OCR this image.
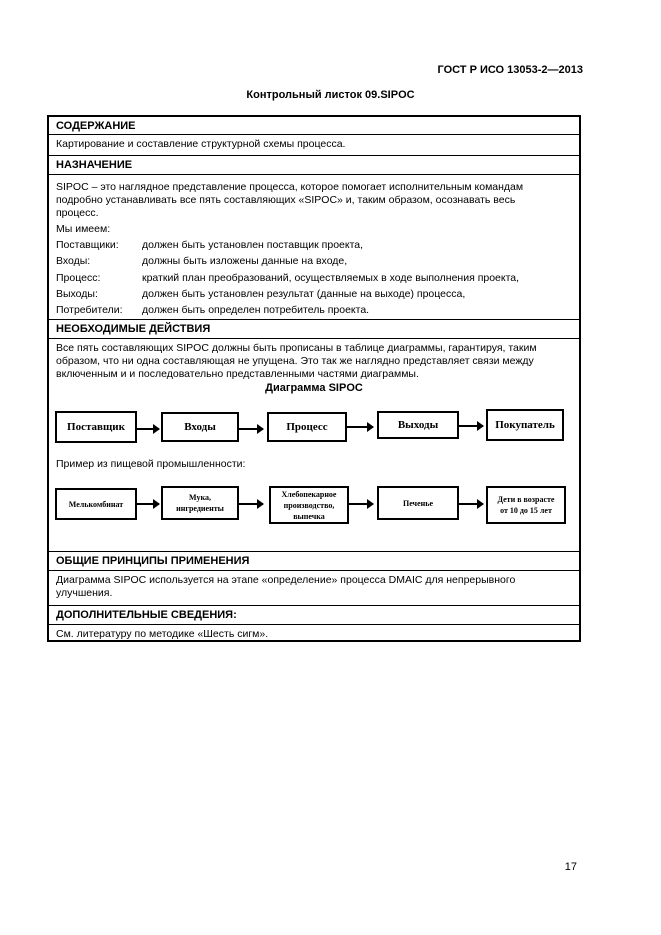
ГОСТ Р ИСО 13053-2—2013
Контрольный листок 09.SIPOC
СОДЕРЖАНИЕ
Картирование и составление структурной схемы процесса.
НАЗНАЧЕНИЕ
SIPOC – это наглядное представление процесса, которое помогает исполнительным командам
подробно устанавливать все пять составляющих «SIPOC» и, таким образом, осознавать весь
процесс.
Мы имеем:
Поставщики: должен быть установлен поставщик проекта,
Входы:	должны быть изложены данные на входе,
Процесс:	краткий план преобразований, осуществляемых в ходе выполнения проекта,
Выходы:	должен быть установлен результат (данные на выходе) процесса,
Потребители: должен быть определен потребитель проекта.
НЕОБХОДИМЫЕ ДЕЙСТВИЯ
Все пять составляющих SIPOC должны быть прописаны в таблице диаграммы, гарантируя, таким
образом, что ни одна составляющая не упущена. Это так же наглядно представляет связи между
включенным и и последовательно представленными частями диаграммы.
Диаграмма SIPOC
Поставщик	Входы	Процесс	Выходы	Покупатель
Пример из пищевой промышленности:
Мелькомбинат
Мука,
ингредиенты
Хлебопекарное
производство,
выпечка
Печенье	Дети в возрасте
от 10 до 15 лет
ОБЩИЕ ПРИНЦИПЫ ПРИМЕНЕНИЯ
Диаграмма SIPOC используется на этапе «определение» процесса DMAIC для непрерывного
улучшения.
ДОПОЛНИТЕЛЬНЫЕ СВЕДЕНИЯ:
См. литературу по методике «Шесть сигм».
17
